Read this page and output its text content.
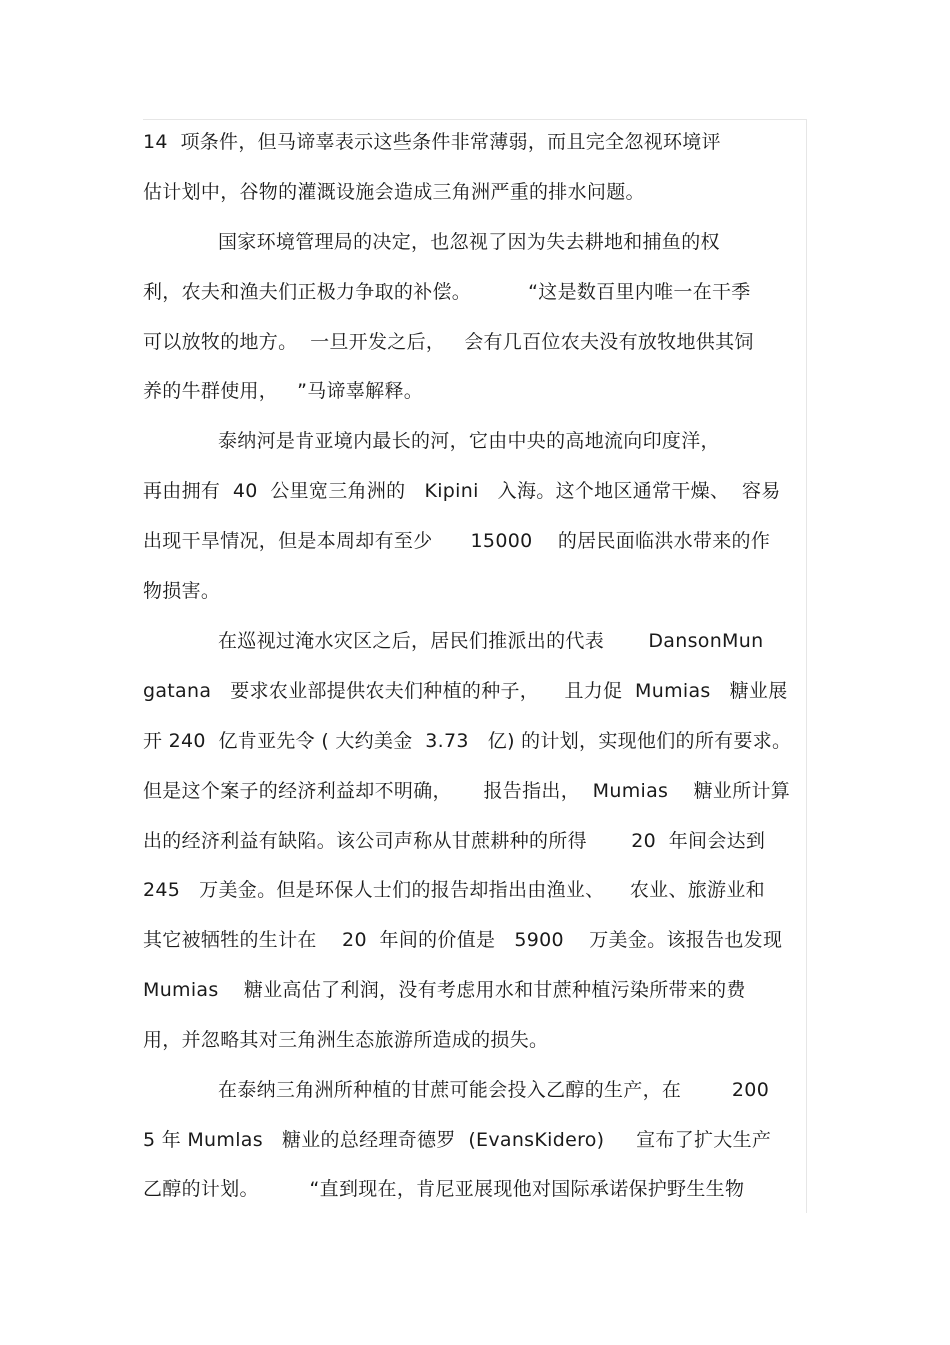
14  项条件，但马谛辜表示这些条件非常薄弱，而且完全忽视环境评
估计划中，谷物的灌溉设施会造成三角洲严重的排水问题。
国家环境管理局的决定，也忽视了因为失去耕地和捕鱼的权
利，农夫和渔夫们正极力争取的补偿。         “这是数百里内唯一在干季
可以放牧的地方。  一旦开发之后，   会有几百位农夫没有放牧地供其饲
养的牛群使用，   ”马谛辜解释。
泰纳河是肯亚境内最长的河，它由中央的高地流向印度洋，
再由拥有  40  公里宽三角洲的   Kipini   入海。这个地区通常干燥、  容易
出现干旱情况，但是本周却有至少      15000    的居民面临洪水带来的作
物损害。
在巡视过淹水灾区之后，居民们推派出的代表       DansonMun
gatana   要求农业部提供农夫们种植的种子，    且力促  Mumias   糖业展
开 240  亿肯亚先令 ( 大约美金  3.73   亿) 的计划，实现他们的所有要求。
但是这个案子的经济利益却不明确，     报告指出，  Mumias    糖业所计算
出的经济利益有缺陷。该公司声称从甘蔗耕种的所得       20  年间会达到
245   万美金。但是环保人士们的报告却指出由渔业、    农业、旅游业和
其它被牺牲的生计在    20  年间的价值是   5900    万美金。该报告也发现
Mumias    糖业高估了利润，没有考虑用水和甘蔗种植污染所带来的费
用，并忽略其对三角洲生态旅游所造成的损失。
在泰纳三角洲所种植的甘蔗可能会投入乙醇的生产，在        200
5 年 Mumlas   糖业的总经理奇德罗  (EvansKidero)     宣布了扩大生产
乙醇的计划。        “直到现在，肯尼亚展现他对国际承诺保护野生生物
